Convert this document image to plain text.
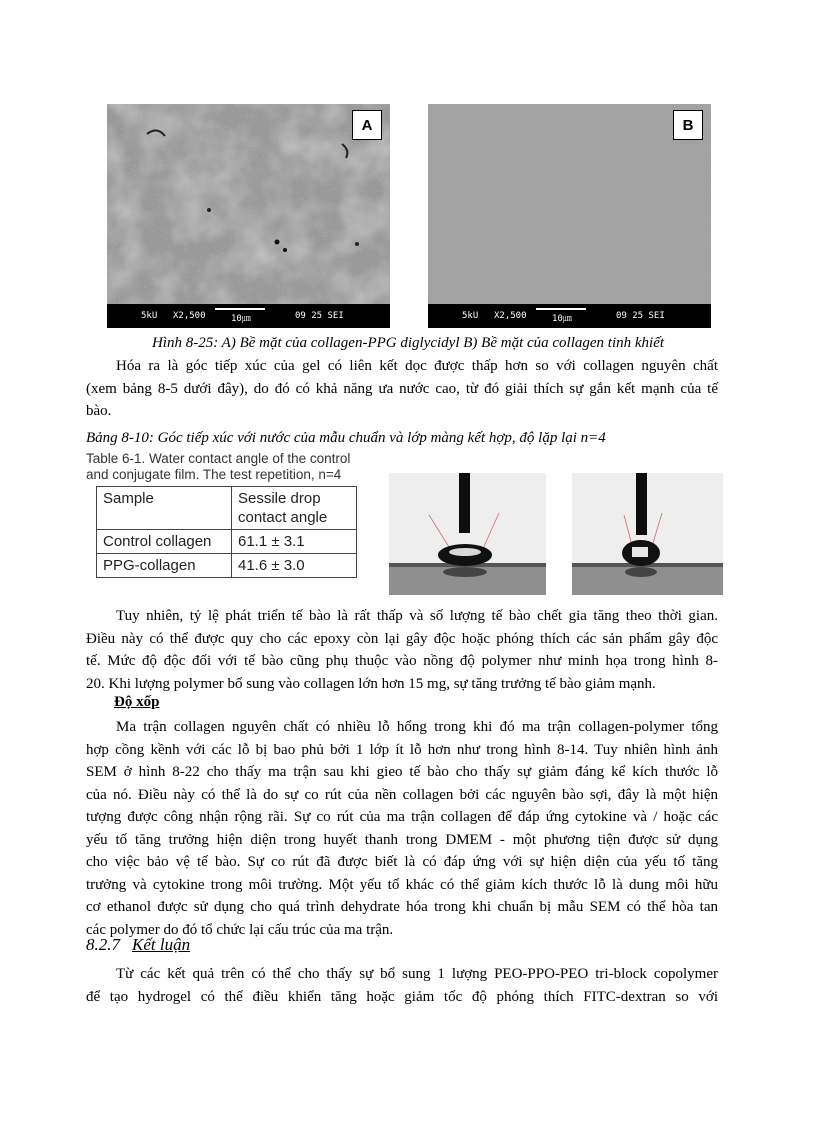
A
5kU X2,500	10㎛	09 25 SEI
B
5kU X2,500	10㎛	09 25 SEI
Hình 8-25: A) Bề mặt của collagen-PPG diglycidyl B) Bề mặt của collagen tinh khiết
Hóa ra là góc tiếp xúc của gel có liên kết dọc được thấp hơn so với collagen nguyên chất
(xem bảng 8-5 dưới đây), do đó có khả năng ưa nước cao, từ đó giải thích sự gắn kết mạnh của tế
bào.
Bảng 8-10: Góc tiếp xúc với nước của mẫu chuẩn và lớp màng kết hợp, độ lặp lại n=4
Table 6-1. Water contact angle of the control
and conjugate film. The test repetition, n=4
Sample	Sessile drop contact angle
Control collagen	61.1 ± 3.1
PPG-collagen	41.6 ± 3.0
Tuy nhiên, tỷ lệ phát triển tế bào là rất thấp và số lượng tế bào chết gia tăng theo thời gian.
Điều này có thể được quy cho các epoxy còn lại gây độc hoặc phóng thích các sản phẩm gây độc
tế. Mức độ độc đối với tế bào cũng phụ thuộc vào nồng độ polymer như minh họa trong hình 8-
20. Khi lượng polymer bổ sung vào collagen lớn hơn 15 mg, sự tăng trưởng tế bào giảm mạnh.
Độ xốp
Ma trận collagen nguyên chất có nhiều lỗ hổng trong khi đó ma trận collagen-polymer tổng
hợp cồng kềnh với các lỗ bị bao phủ bởi 1 lớp ít lỗ hơn như trong hình 8-14. Tuy nhiên hình ảnh
SEM ở hình 8-22 cho thấy ma trận sau khi gieo tế bào cho thấy sự giảm đáng kể kích thước lỗ
của nó. Điều này có thể là do sự co rút của nền collagen bởi các nguyên bào sợi, đây là một hiện
tượng được công nhận rộng rãi. Sự co rút của ma trận collagen để đáp ứng cytokine và / hoặc các
yếu tố tăng trưởng hiện diện trong huyết thanh trong DMEM - một phương tiện được sử dụng
cho việc bảo vệ tế bào. Sự co rút đã được biết là có đáp ứng với sự hiện diện của yếu tố tăng
trưởng và cytokine trong môi trường. Một yếu tố khác có thể giảm kích thước lỗ là dung môi hữu
cơ ethanol được sử dụng cho quá trình dehydrate hóa trong khi chuẩn bị mẫu SEM có thể hòa tan
các polymer do đó tổ chức lại cấu trúc của ma trận.
8.2.7 Kết luận
Từ các kết quả trên có thể cho thấy sự bổ sung 1 lượng PEO-PPO-PEO tri-block copolymer
để tạo hydrogel có thể điều khiển tăng hoặc giảm tốc độ phóng thích FITC-dextran so với
